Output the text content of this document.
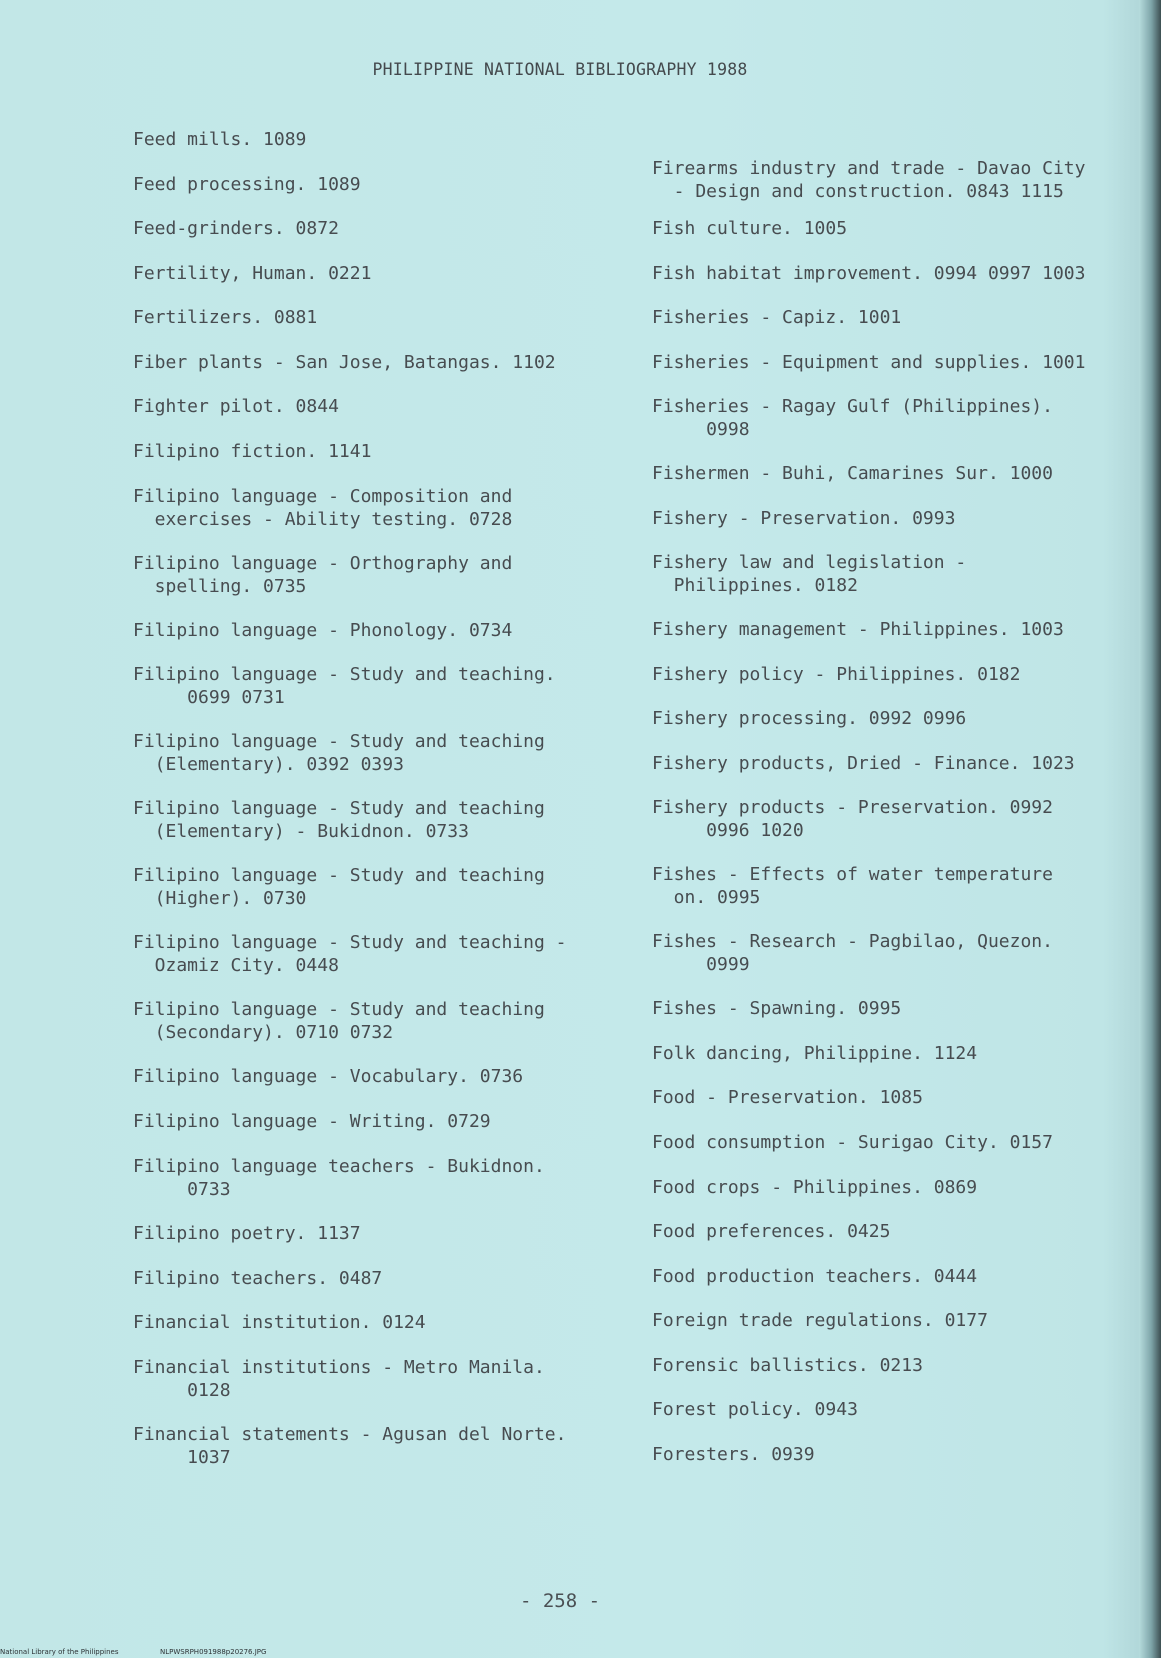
PHILIPPINE NATIONAL BIBLIOGRAPHY 1988
Feed mills. 1089
Feed processing. 1089
Feed-grinders. 0872
Fertility, Human. 0221
Fertilizers. 0881
Fiber plants - San Jose, Batangas. 1102
Fighter pilot. 0844
Filipino fiction. 1141
Filipino language - Composition and
exercises - Ability testing. 0728
Filipino language - Orthography and
spelling. 0735
Filipino language - Phonology. 0734
Filipino language - Study and teaching.
0699 0731
Filipino language - Study and teaching
(Elementary). 0392 0393
Filipino language - Study and teaching
(Elementary) - Bukidnon. 0733
Filipino language - Study and teaching
(Higher). 0730
Filipino language - Study and teaching -
Ozamiz City. 0448
Filipino language - Study and teaching
(Secondary). 0710 0732
Filipino language - Vocabulary. 0736
Filipino language - Writing. 0729
Filipino language teachers - Bukidnon.
0733
Filipino poetry. 1137
Filipino teachers. 0487
Financial institution. 0124
Financial institutions - Metro Manila.
0128
Financial statements - Agusan del Norte.
1037
Firearms industry and trade - Davao City
- Design and construction. 0843 1115
Fish culture. 1005
Fish habitat improvement. 0994 0997 1003
Fisheries - Capiz. 1001
Fisheries - Equipment and supplies. 1001
Fisheries - Ragay Gulf (Philippines).
0998
Fishermen - Buhi, Camarines Sur. 1000
Fishery - Preservation. 0993
Fishery law and legislation -
Philippines. 0182
Fishery management - Philippines. 1003
Fishery policy - Philippines. 0182
Fishery processing. 0992 0996
Fishery products, Dried - Finance. 1023
Fishery products - Preservation. 0992
0996 1020
Fishes - Effects of water temperature
on. 0995
Fishes - Research - Pagbilao, Quezon.
0999
Fishes - Spawning. 0995
Folk dancing, Philippine. 1124
Food - Preservation. 1085
Food consumption - Surigao City. 0157
Food crops - Philippines. 0869
Food preferences. 0425
Food production teachers. 0444
Foreign trade regulations. 0177
Forensic ballistics. 0213
Forest policy. 0943
Foresters. 0939
- 258 -
National Library of the Philippines	NLPWSRPH091988p20276.JPG
